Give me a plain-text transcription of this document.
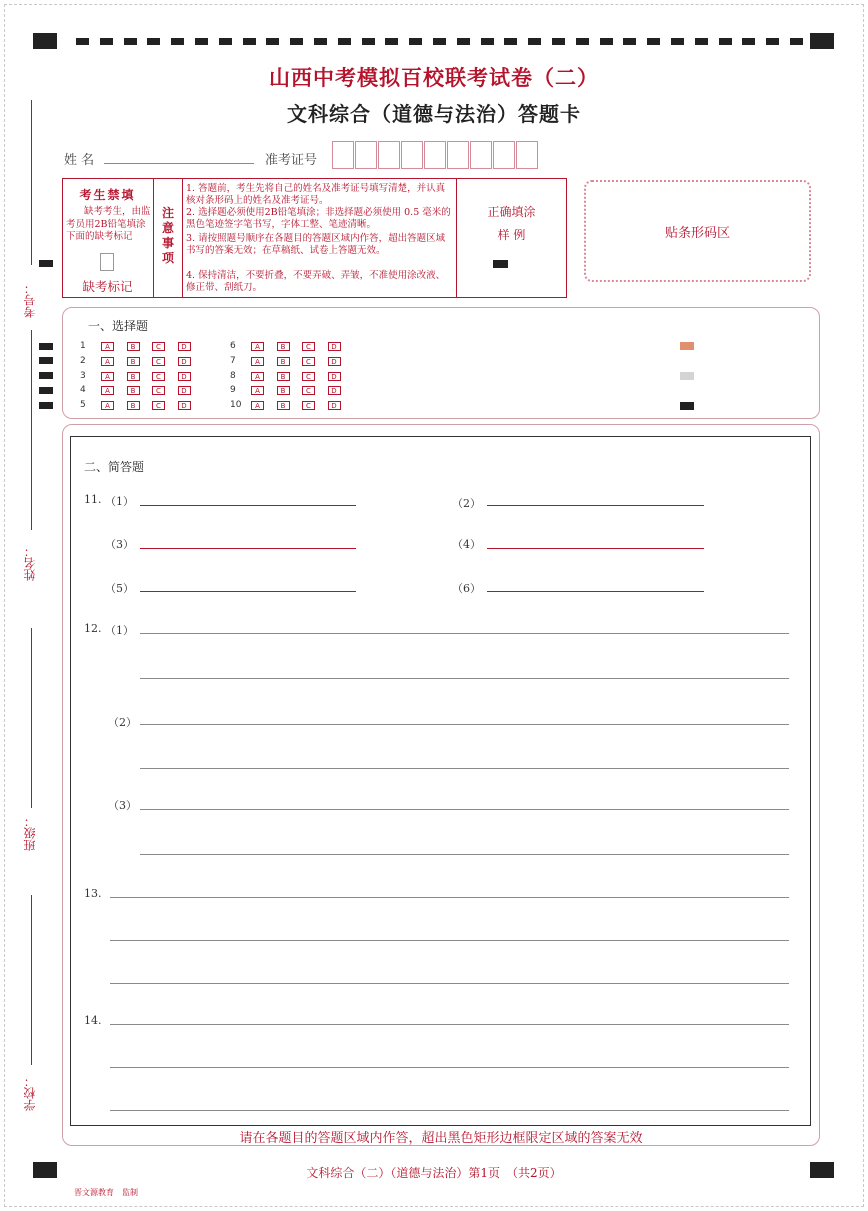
山西中考模拟百校联考试卷（二）
文科综合（道德与法治）答题卡
考号：
姓名：
班级：
学校：
姓 名	准考证号
考生禁填
缺考考生，由监考员用2B铅笔填涂下面的缺考标记
缺考标记
注意事项
1. 答题前，考生先将自己的姓名及准考证号填写清楚，并认真核对条形码上的姓名及准考证号。
2. 选择题必须使用2B铅笔填涂；非选择题必须使用 0.5 毫米的黑色笔迹签字笔书写，字体工整、笔迹清晰。
3. 请按照题号顺序在各题目的答题区域内作答，超出答题区域书写的答案无效；在草稿纸、试卷上答题无效。
4. 保持清洁，不要折叠，不要弄破、弄皱，不准使用涂改液、修正带、刮纸刀。
正确填涂
样 例	贴条形码区
一、选择题
1	A	B	C	D
2	A	B	C	D
3	A	B	C	D
4	A	B	C	D
5	A	B	C	D
6	A	B	C	D
7	A	B	C	D
8	A	B	C	D
9	A	B	C	D
10	A	B	C	D
二、简答题
11. （1）	（2）
（3）	（4）
（5）	（6）
12. （1）
（2）
（3）
13.
14.
请在各题目的答题区域内作答，超出黑色矩形边框限定区域的答案无效
文科综合（二）（道德与法治）第1页　（共2页）
晋文源教育　监制
